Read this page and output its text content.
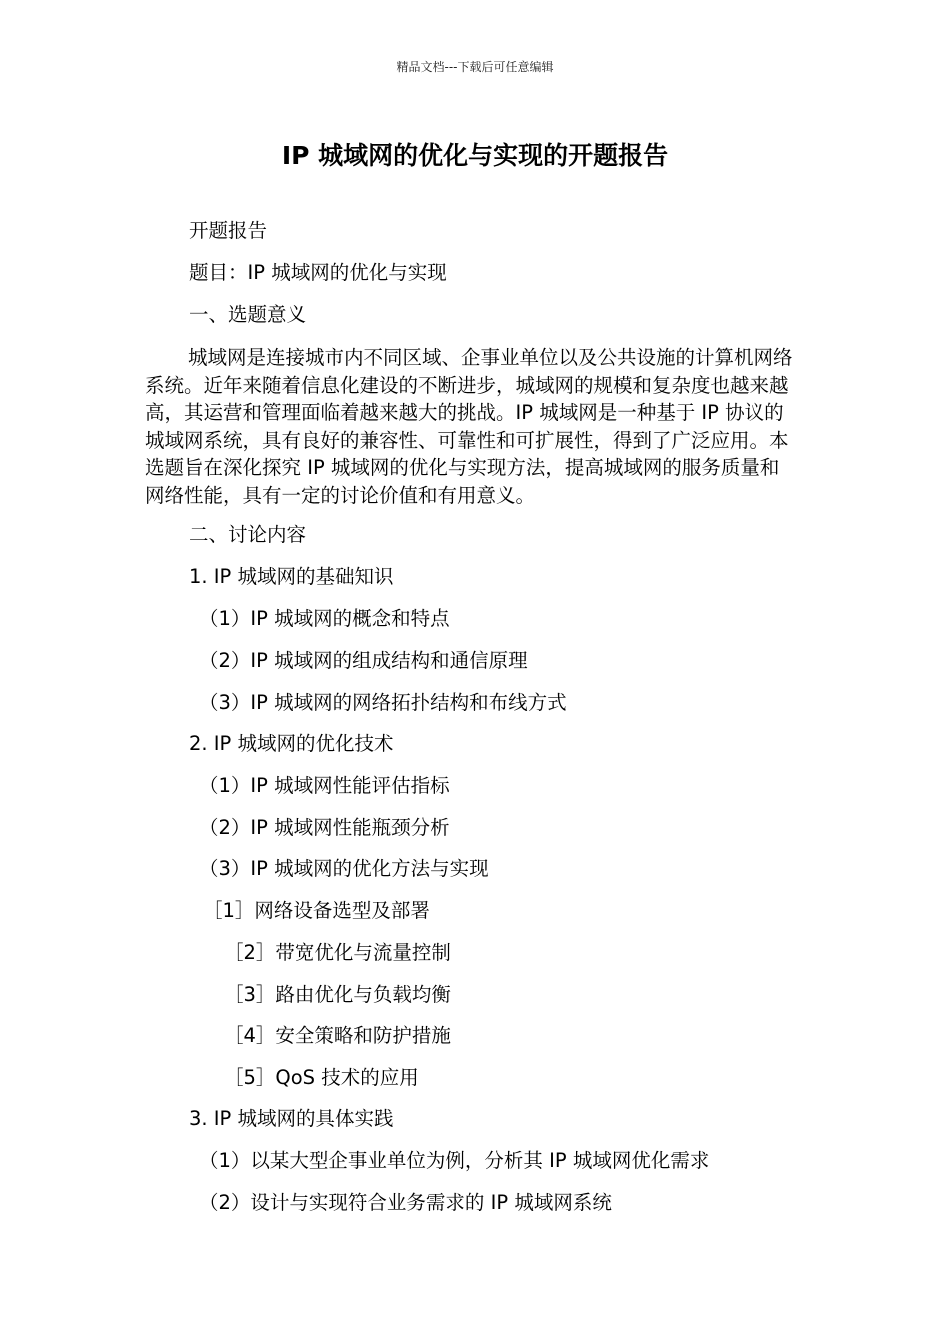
精品文档---下载后可任意编辑
IP 城域网的优化与实现的开题报告
开题报告
题目：IP 城域网的优化与实现
一、选题意义
城域网是连接城市内不同区域、企事业单位以及公共设施的计算机网络系统。近年来随着信息化建设的不断进步，城域网的规模和复杂度也越来越高，其运营和管理面临着越来越大的挑战。IP 城域网是一种基于 IP 协议的城域网系统，具有良好的兼容性、可靠性和可扩展性，得到了广泛应用。本选题旨在深化探究 IP 城域网的优化与实现方法，提高城域网的服务质量和网络性能，具有一定的讨论价值和有用意义。
二、讨论内容
1. IP 城域网的基础知识
（1）IP 城域网的概念和特点
（2）IP 城域网的组成结构和通信原理
（3）IP 城域网的网络拓扑结构和布线方式
2. IP 城域网的优化技术
（1）IP 城域网性能评估指标
（2）IP 城域网性能瓶颈分析
（3）IP 城域网的优化方法与实现
［1］网络设备选型及部署
［2］带宽优化与流量控制
［3］路由优化与负载均衡
［4］安全策略和防护措施
［5］QoS 技术的应用
3. IP 城域网的具体实践
（1）以某大型企事业单位为例，分析其 IP 城域网优化需求
（2）设计与实现符合业务需求的 IP 城域网系统
